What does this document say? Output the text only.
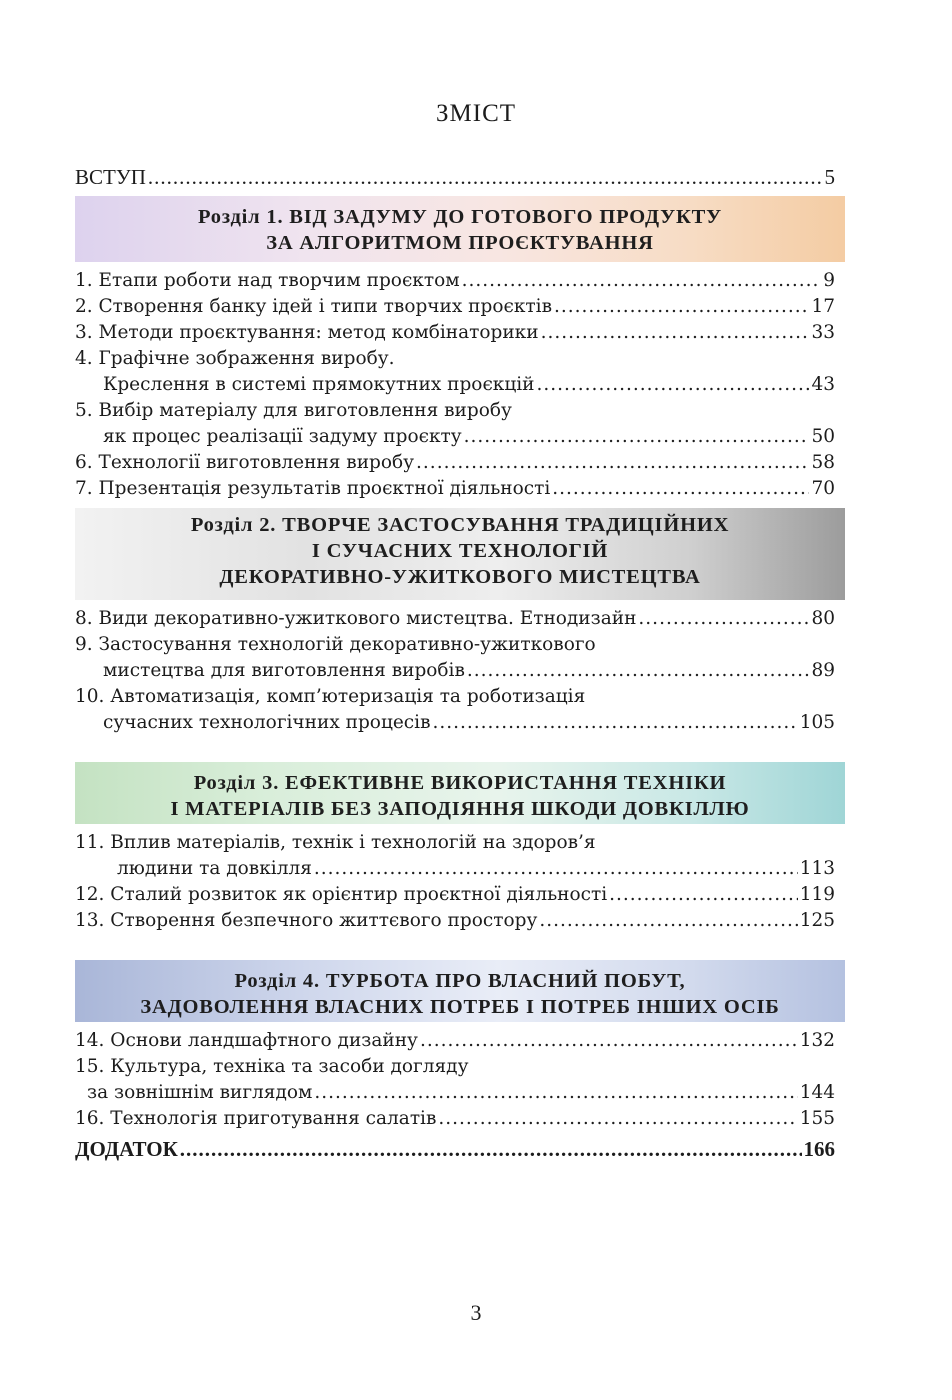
ЗМІСТ
ВСТУП .....	5
Розділ 1. ВІД ЗАДУМУ ДО ГОТОВОГО ПРОДУКТУ
ЗА АЛГОРИТМОМ ПРОЄКТУВАННЯ
1. Етапи роботи над творчим проєктом .....	9
2. Створення банку ідей і типи творчих проєктів .....	17
3. Методи проєктування: метод комбінаторики .....	33
4. Графічне зображення виробу.
Креслення в системі прямокутних проєкцій .....	43
5. Вибір матеріалу для виготовлення виробу
як процес реалізації задуму проєкту .....	50
6. Технології виготовлення виробу .....	58
7. Презентація результатів проєктної діяльності .....	70
Розділ 2. ТВОРЧЕ ЗАСТОСУВАННЯ ТРАДИЦІЙНИХ
І СУЧАСНИХ ТЕХНОЛОГІЙ
ДЕКОРАТИВНО-УЖИТКОВОГО МИСТЕЦТВА
8. Види декоративно-ужиткового мистецтва. Етнодизайн .....	80
9. Застосування технологій декоративно-ужиткового
мистецтва для виготовлення виробів .....	89
10. Автоматизація, комп’ютеризація та роботизація
сучасних технологічних процесів .....	105
Розділ 3. ЕФЕКТИВНЕ ВИКОРИСТАННЯ ТЕХНІКИ
І МАТЕРІАЛІВ БЕЗ ЗАПОДІЯННЯ ШКОДИ ДОВКІЛЛЮ
11. Вплив матеріалів, технік і технологій на здоров’я
людини та довкілля .....	113
12. Сталий розвиток як орієнтир проєктної діяльності .....	119
13. Створення безпечного життєвого простору .....	125
Розділ 4. ТУРБОТА ПРО ВЛАСНИЙ ПОБУТ,
ЗАДОВОЛЕННЯ ВЛАСНИХ ПОТРЕБ І ПОТРЕБ ІНШИХ ОСІБ
14. Основи ландшафтного дизайну .....	132
15. Культура, техніка та засоби догляду
за зовнішнім виглядом .....	144
16. Технологія приготування салатів .....	155
ДОДАТОК .....	166
3
